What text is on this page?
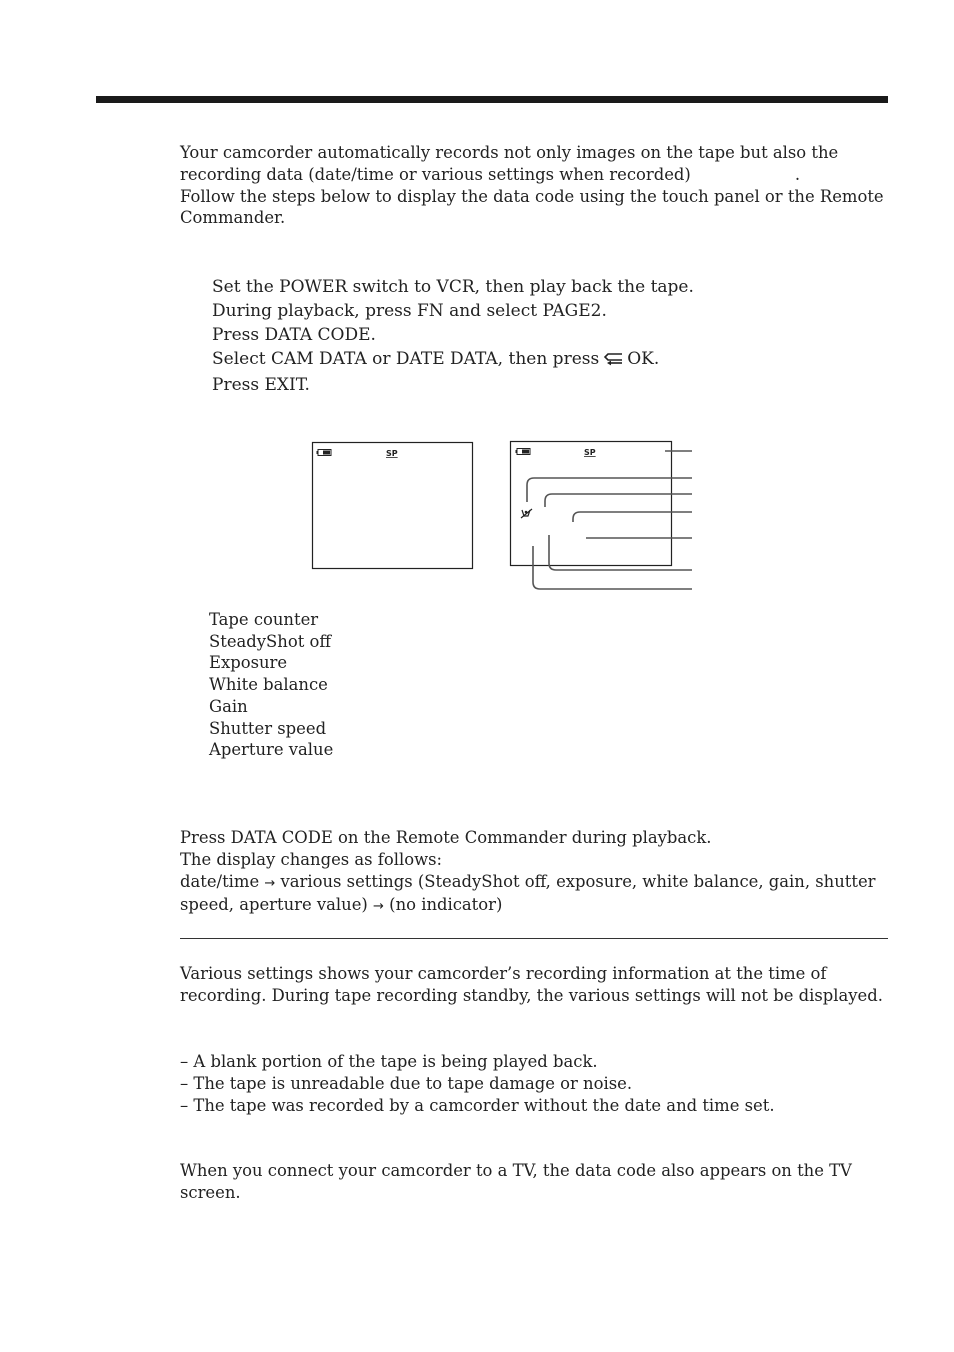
Your camcorder automatically records not only images on the tape but also the
recording data (date/time or various settings when recorded)	.
Follow the steps below to display the data code using the touch panel or the Remote
Commander.

Set the POWER switch to VCR, then play back the tape.
During playback, press FN and select PAGE2.
Press DATA CODE.
Select CAM DATA or DATE DATA, then press OK.
Press EXIT.
SP	SP
Tape counter
SteadyShot off
Exposure
White balance
Gain
Shutter speed
Aperture value

Press DATA CODE on the Remote Commander during playback.
The display changes as follows:
date/time → various settings (SteadyShot off, exposure, white balance, gain, shutter
speed, aperture value) → (no indicator)

Various settings shows your camcorder’s recording information at the time of
recording. During tape recording standby, the various settings will not be displayed.

– A blank portion of the tape is being played back.
– The tape is unreadable due to tape damage or noise.
– The tape was recorded by a camcorder without the date and time set.

When you connect your camcorder to a TV, the data code also appears on the TV
screen.
